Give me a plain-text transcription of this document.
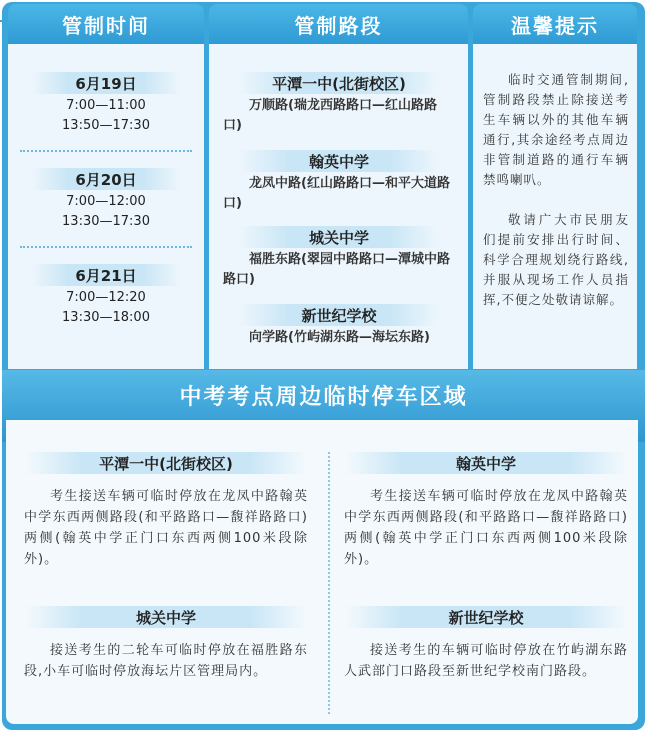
管制时间	管制路段	温馨提示
6月19日
7:00—11:00
13:50—17:30
6月20日
7:00—12:00
13:30—17:30
6月21日
7:00—12:20
13:30—18:00
平潭一中(北街校区)
万顺路(瑞龙西路路口—红山路路口)
翰英中学
龙凤中路(红山路路口—和平大道路口)
城关中学
福胜东路(翠园中路路口—潭城中路路口)
新世纪学校
向学路(竹屿湖东路—海坛东路)
临时交通管制期间,管制路段禁止除接送考生车辆以外的其他车辆通行,其余途经考点周边非管制道路的通行车辆禁鸣喇叭。
敬请广大市民朋友们提前安排出行时间、科学合理规划绕行路线,并服从现场工作人员指挥,不便之处敬请谅解。
中考考点周边临时停车区域
平潭一中(北街校区)
考生接送车辆可临时停放在龙凤中路翰英中学东西两侧路段(和平路路口—馥祥路路口)两侧(翰英中学正门口东西两侧100米段除外)。
翰英中学
考生接送车辆可临时停放在龙凤中路翰英中学东西两侧路段(和平路路口—馥祥路路口)两侧(翰英中学正门口东西两侧100米段除外)。
城关中学
接送考生的二轮车可临时停放在福胜路东段,小车可临时停放海坛片区管理局内。
新世纪学校
接送考生的车辆可临时停放在竹屿湖东路人武部门口路段至新世纪学校南门路段。
